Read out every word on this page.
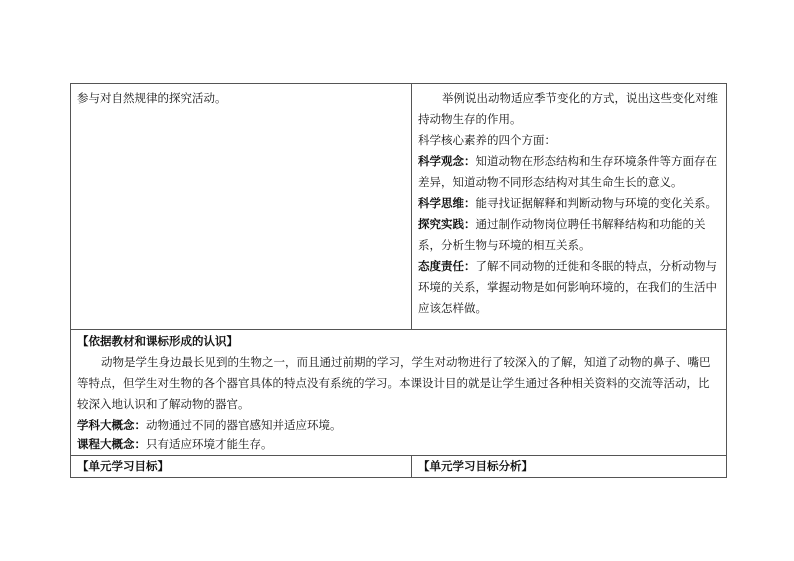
参与对自然规律的探究活动。	举例说出动物适应季节变化的方式，说出这些变化对维持动物生存的作用。

科学核心素养的四个方面：

科学观念：知道动物在形态结构和生存环境条件等方面存在差异，知道动物不同形态结构对其生命生长的意义。

科学思维：能寻找证据解释和判断动物与环境的变化关系。

探究实践：通过制作动物岗位聘任书解释结构和功能的关系，分析生物与环境的相互关系。

态度责任：了解不同动物的迁徙和冬眠的特点，分析动物与环境的关系，掌握动物是如何影响环境的，在我们的生活中应该怎样做。

【依据教材和课标形成的认识】

动物是学生身边最长见到的生物之一，而且通过前期的学习，学生对动物进行了较深入的了解，知道了动物的鼻子、嘴巴等特点，但学生对生物的各个器官具体的特点没有系统的学习。本课设计目的就是让学生通过各种相关资料的交流等活动，比较深入地认识和了解动物的器官。

学科大概念：动物通过不同的器官感知并适应环境。

课程大概念：只有适应环境才能生存。

【单元学习目标】	【单元学习目标分析】
